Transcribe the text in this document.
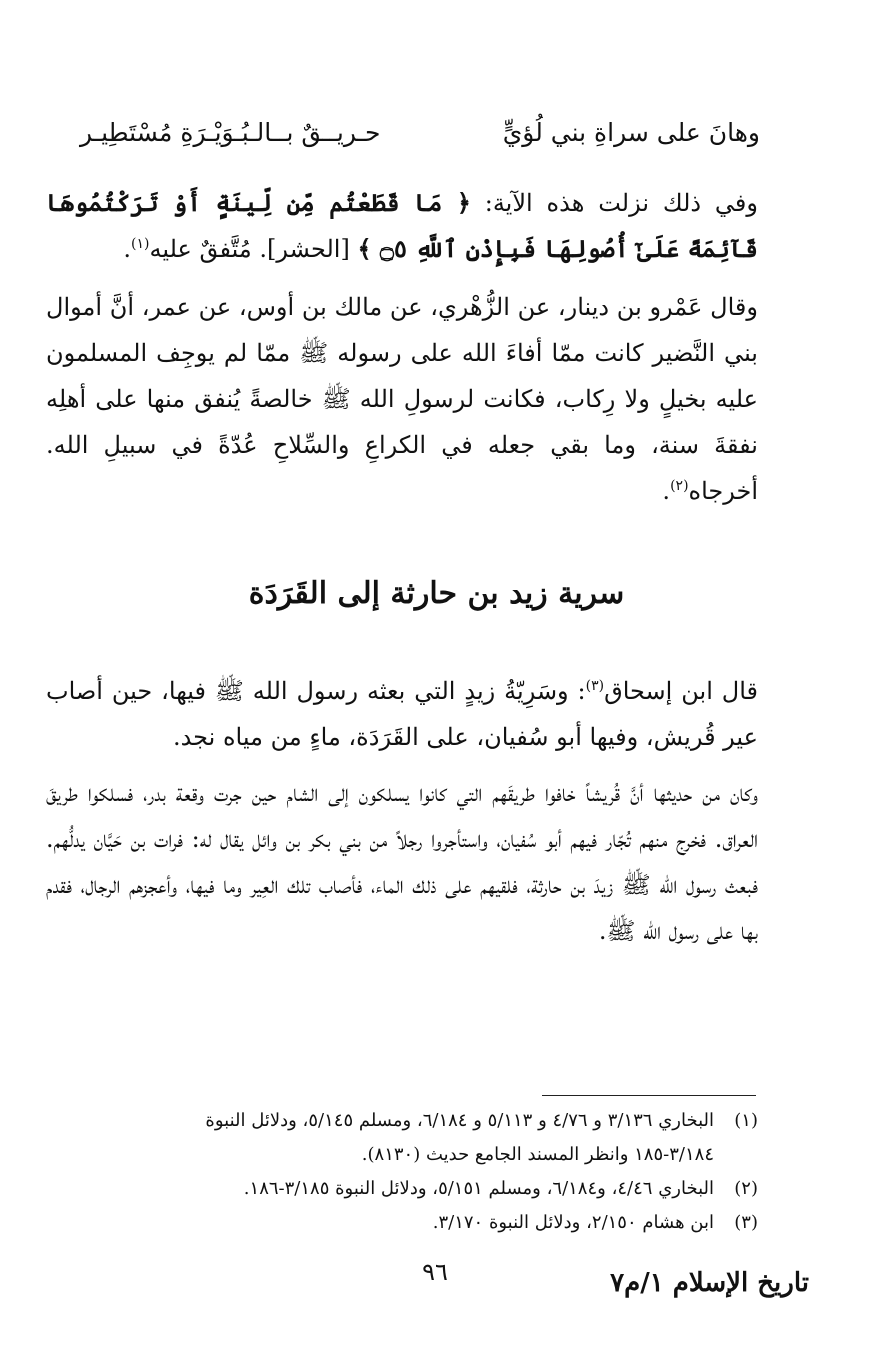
وهانَ على سراةِ بني لُؤيٍّ
حـريــقٌ بــالـبُـوَيْـرَةِ مُسْتَطِيـر

وفي ذلك نزلت هذه الآية: ﴿ مَا قَطَعْتُم مِّن لِّينَةٍ أَوْ تَرَكْتُمُوهَا قَآئِمَةً عَلَىٰٓ أُصُولِهَا فَبِإِذْنِ ٱللَّهِ ۝٥ ﴾ [الحشر]. مُتَّفقٌ عليه$^{(١)}$.

وقال عَمْرو بن دينار، عن الزُّهْري، عن مالك بن أوس، عن عمر، أنَّ أموال بني النَّضير كانت ممّا أفاءَ الله على رسوله ﷺ ممّا لم يوجِف المسلمون عليه بخيلٍ ولا رِكاب، فكانت لرسولِ الله ﷺ خالصةً يُنفق منها على أهلِه نفقةَ سنة، وما بقي جعله في الكراعِ والسِّلاحِ عُدّةً في سبيلِ الله. أخرجاه$^{(٢)}$.

سرية زيد بن حارثة إلى القَرَدَة

قال ابن إسحاق$^{(٣)}$: وسَرِيّةُ زيدٍ التي بعثه رسول الله ﷺ فيها، حين أصاب عير قُريش، وفيها أبو سُفيان، على القَرَدَة، ماءٍ من مياه نجد.

وكان من حديثها أنَّ قُريشاً خافوا طريقَهم التي كانوا يسلكون إلى الشام حين جرت وقعة بدر، فسلكوا طريقَ العراق. فخرج منهم تُجّار فيهم أبو سُفيان، واستأجروا رجلاً من بني بكر بن وائل يقال له: فرات بن حَيَّان يدلُّهم. فبعث رسول الله ﷺ زيدَ بن حارثة، فلقيهم على ذلك الماء، فأصاب تلك العِير وما فيها، وأعجزهم الرجال، فقدم بها على رسول الله ﷺ.

(١)البخاري ٣/١٣٦ و ٤/٧٦ و ٥/١١٣ و ٦/١٨٤، ومسلم ٥/١٤٥، ودلائل النبوة
٣/١٨٤-١٨٥ وانظر المسند الجامع حديث (٨١٣٠).
(٢)البخاري ٤/٤٦، و٦/١٨٤، ومسلم ٥/١٥١، ودلائل النبوة ٣/١٨٥-١٨٦.
(٣)ابن هشام ٢/١٥٠، ودلائل النبوة ٣/١٧٠.
٩٦	تاريخ الإسلام ١/م٧
